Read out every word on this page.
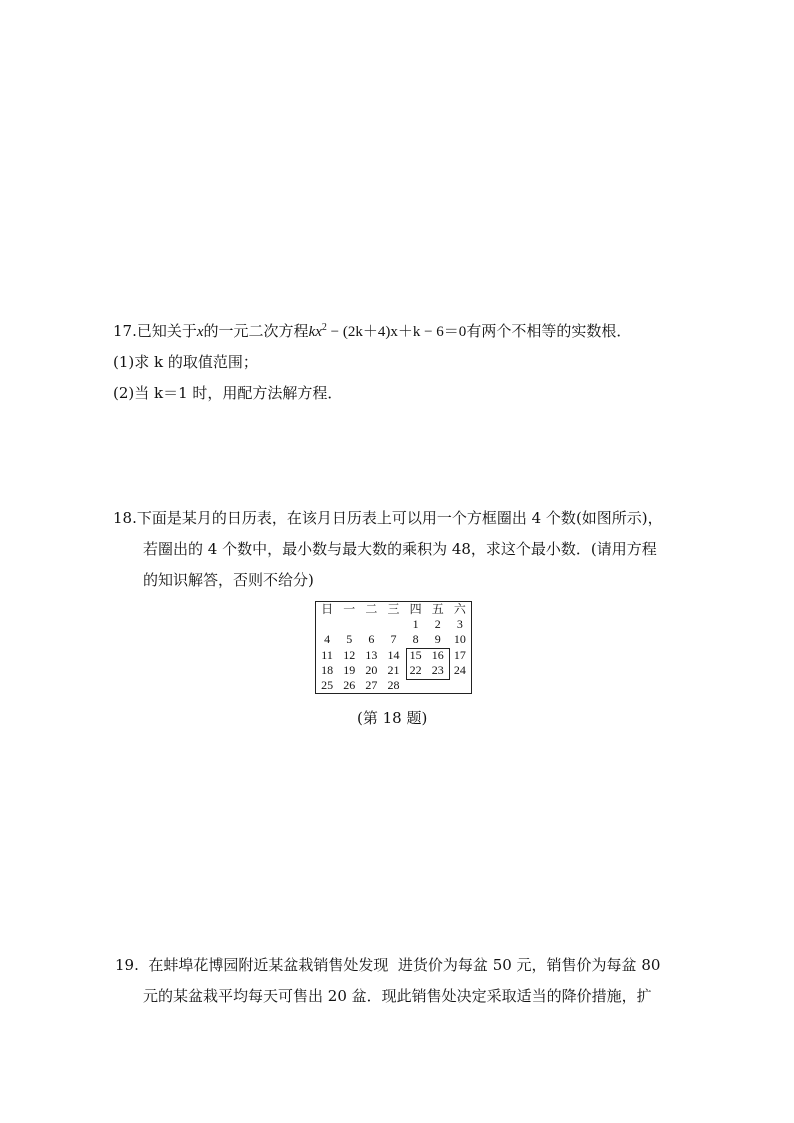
17.已知关于x的一元二次方程$kx^2 - (2k+4)x+k - 6=0$有两个不相等的实数根．
(1)求 k 的取值范围；
(2)当 k＝1 时，用配方法解方程．
18.下面是某月的日历表，在该月日历表上可以用一个方框圈出 4 个数(如图所示)，
若圈出的 4 个数中，最小数与最大数的乘积为 48，求这个最小数．(请用方程
的知识解答，否则不给分)
日	一	二	三	四	五	六
				1	2	3
4	5	6	7	8	9	10
11	12	13	14	15	16	17
18	19	20	21	22	23	24
25	26	27	28			
(第 18 题)
19.  在蚌埠花博园附近某盆栽销售处发现  进货价为每盆 50 元，销售价为每盆 80
元的某盆栽平均每天可售出 20 盆．现此销售处决定采取适当的降价措施，扩
